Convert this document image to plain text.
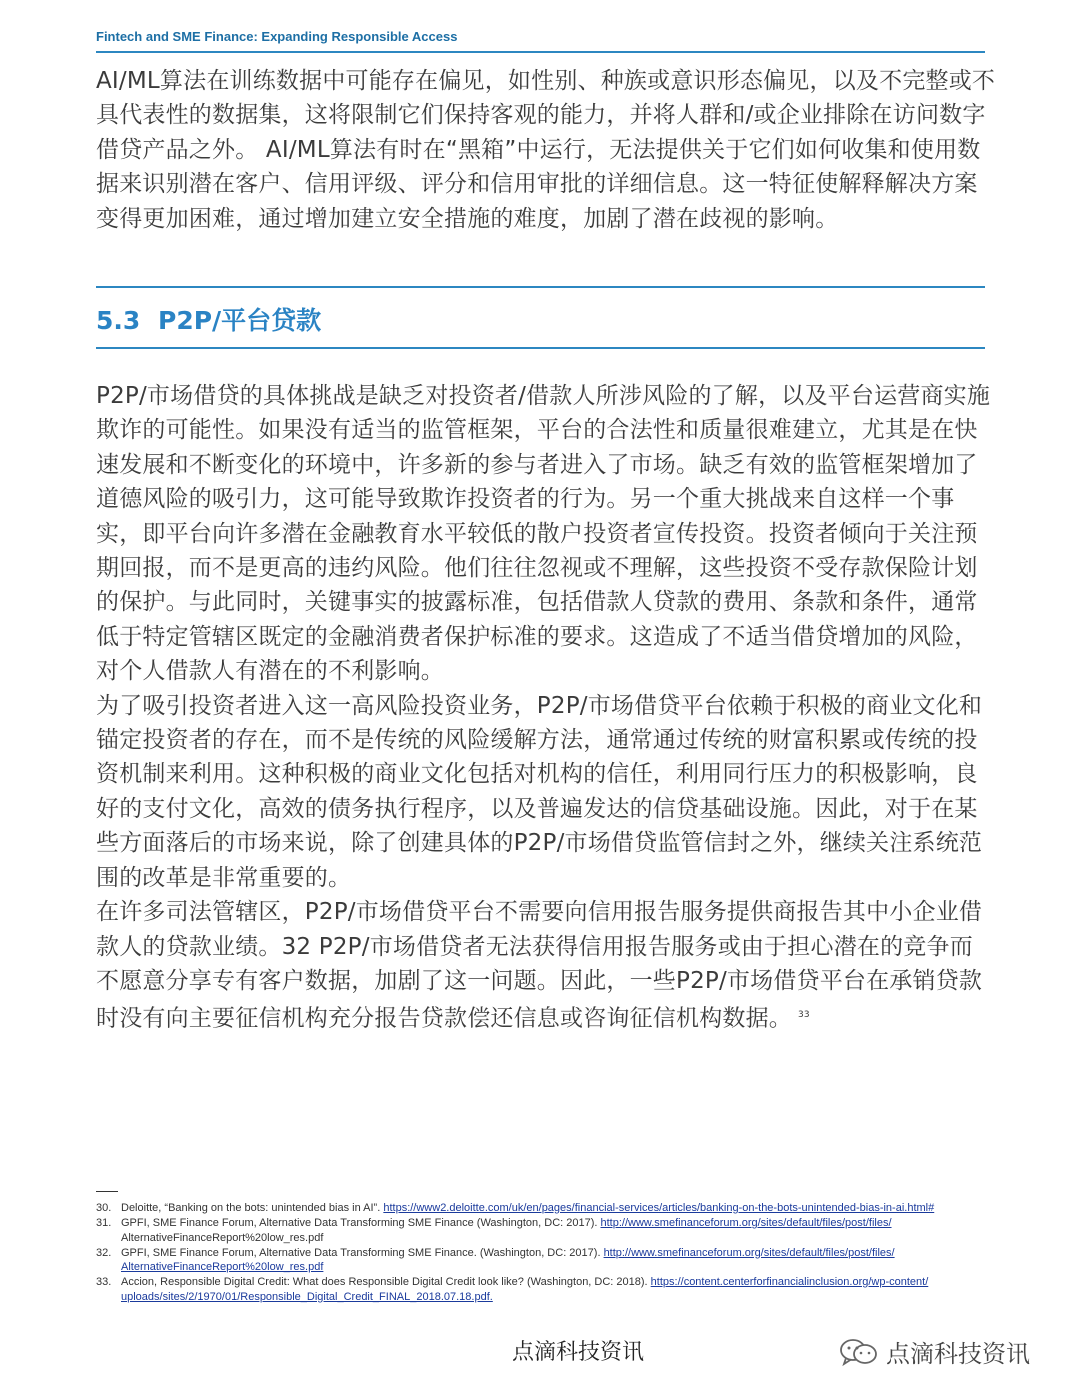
Fintech and SME Finance: Expanding Responsible Access

AI/ML算法在训练数据中可能存在偏见，如性别、种族或意识形态偏见，以及不完整或不具代表性的数据集，这将限制它们保持客观的能力，并将人群和/或企业排除在访问数字借贷产品之外。 AI/ML算法有时在“黑箱”中运行，无法提供关于它们如何收集和使用数据来识别潜在客户、信用评级、评分和信用审批的详细信息。这一特征使解释解决方案变得更加困难，通过增加建立安全措施的难度，加剧了潜在歧视的影响。

5.3 P2P/平台贷款

P2P/市场借贷的具体挑战是缺乏对投资者/借款人所涉风险的了解，以及平台运营商实施欺诈的可能性。如果没有适当的监管框架，平台的合法性和质量很难建立，尤其是在快速发展和不断变化的环境中，许多新的参与者进入了市场。缺乏有效的监管框架增加了道德风险的吸引力，这可能导致欺诈投资者的行为。另一个重大挑战来自这样一个事实，即平台向许多潜在金融教育水平较低的散户投资者宣传投资。投资者倾向于关注预期回报，而不是更高的违约风险。他们往往忽视或不理解，这些投资不受存款保险计划的保护。与此同时，关键事实的披露标准，包括借款人贷款的费用、条款和条件，通常低于特定管辖区既定的金融消费者保护标准的要求。这造成了不适当借贷增加的风险，对个人借款人有潜在的不利影响。

为了吸引投资者进入这一高风险投资业务，P2P/市场借贷平台依赖于积极的商业文化和锚定投资者的存在，而不是传统的风险缓解方法，通常通过传统的财富积累或传统的投资机制来利用。这种积极的商业文化包括对机构的信任，利用同行压力的积极影响，良好的支付文化，高效的债务执行程序，以及普遍发达的信贷基础设施。因此，对于在某些方面落后的市场来说，除了创建具体的P2P/市场借贷监管信封之外，继续关注系统范围的改革是非常重要的。

在许多司法管辖区，P2P/市场借贷平台不需要向信用报告服务提供商报告其中小企业借款人的贷款业绩。32 P2P/市场借贷者无法获得信用报告服务或由于担心潜在的竞争而不愿意分享专有客户数据，加剧了这一问题。因此，一些P2P/市场借贷平台在承销贷款时没有向主要征信机构充分报告贷款偿还信息或咨询征信机构数据。 $^{33}$

30. Deloitte, “Banking on the bots: unintended bias in AI”. https://www2.deloitte.com/uk/en/pages/financial-services/articles/banking-on-the-bots-unintended-bias-in-ai.html#
31. GPFI, SME Finance Forum, Alternative Data Transforming SME Finance (Washington, DC: 2017). http://www.smefinanceforum.org/sites/default/files/post/files/
AlternativeFinanceReport%20low_res.pdf
32. GPFI, SME Finance Forum, Alternative Data Transforming SME Finance. (Washington, DC: 2017). http://www.smefinanceforum.org/sites/default/files/post/files/
AlternativeFinanceReport%20low_res.pdf
33. Accion, Responsible Digital Credit: What does Responsible Digital Credit look like? (Washington, DC: 2018). https://content.centerforfinancialinclusion.org/wp-content/
uploads/sites/2/1970/01/Responsible_Digital_Credit_FINAL_2018.07.18.pdf.
点滴科技资讯	点滴科技资讯
